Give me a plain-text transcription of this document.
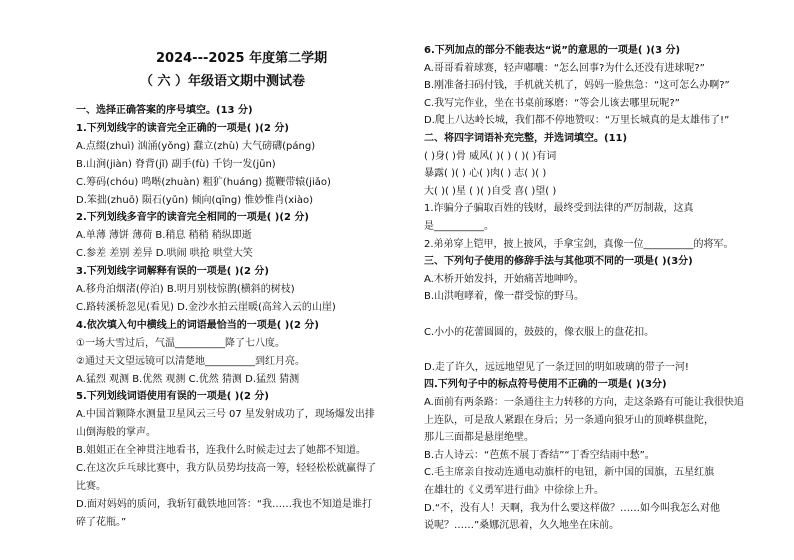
2024---2025 年度第二学期
（ 六 ）年级语文期中测试卷
一、选择正确答案的序号填空。(13 分)
1.下列划线字的读音完全正确的一项是( )(2 分)
A.点缀(zhuì) 汹涌(yǒng) 蠢立(zhù) 大气磅礴(páng)
B.山涧(jiàn) 脊背(jǐ) 副手(fù) 千钧一发(jūn)
C.筹码(chóu) 鸣啭(zhuàn) 粗犷(huáng) 揽鞭带辕(jiǎo)
D.笨拙(zhuō) 陨石(yǔn) 倾向(qīng) 惟妙惟肖(xiào)
2.下列划线多音字的读音完全相同的一项是( )(2 分)
A.单薄 薄饼 薄荷 B.稍息 稍稍 稍纵即逝
C.参差 差别 差异 D.哄闹 哄抢 哄堂大笑
3.下列划线字词解释有误的一项是( )(2 分)
A.移舟泊烟渚(停泊) B.明月别枝惊鹊(横斜的树枝)
C.路转溪桥忽见(看见) D.金沙水拍云崖暖(高耸入云的山崖)
4.依次填入句中横线上的词语最恰当的一项是( )(2 分)
①一场大雪过后，气温__________降了七八度。
②通过天文望远镜可以清楚地__________到红月亮。
A.猛烈 观测 B.优然 观测 C.优然 猜测 D.猛烈 猜测
5.下列划线词语使用有误的一项是( )(2 分)
A.中国首颗降水测量卫星风云三号 07 星发射成功了，现场爆发出排
山倒海般的掌声。
B.姐姐正在全神贯注地看书，连我什么时候走过去了她都不知道。
C.在这次乒乓球比赛中，我方队员势均技高一筹，轻轻松松就赢得了
比赛。
D.面对妈妈的质问，我斩钉截铁地回答：“我……我也不知道是谁打
碎了花瓶。”
6.下列加点的部分不能表达“说”的意思的一项是( )(3 分)
A.哥哥看着球赛，轻声嘟囔：“怎么回事?为什么还没有进球呢?”
B.刚准备扫码付钱，手机就关机了，妈妈一脸焦急：“这可怎么办啊?”
C.我写完作业，坐在书桌前琢磨：“等会儿该去哪里玩呢?”
D.爬上八达岭长城，我们都不停地赞叹：“万里长城真的是太雄伟了!”
二、将四字词语补充完整，并选词填空。(11)
( )身( )骨 威风( )( ) ( )( )有词
暴露( )( ) 心( )肉( ) 志( )( )
大( )( )星 ( )( )自受 喜( )望( )
1.诈骗分子骗取百姓的钱财，最终受到法律的严厉制裁，这真
是__________。
2.弟弟穿上铠甲，披上披风，手拿宝剑，真像一位__________的将军。
三、下列句子使用的修辞手法与其他项不同的一项是( )(3分)
A.木桥开始发抖，开始痛苦地呻吟。
B.山洪咆哮着，像一群受惊的野马。
C.小小的花蕾圆圆的，鼓鼓的，像衣服上的盘花扣。
D.走了许久，远远地望见了一条迂回的明如玻璃的带子一河!
四.下列句子中的标点符号使用不正确的一项是( )(3分)
A.面前有两条路：一条通往主力转移的方向，走这条路有可能让我很快追
上连队，可是敌人紧跟在身后；另一条通向狼牙山的顶峰棋盘陀，
那儿三面都是悬崖绝壁。
B.古人诗云：“芭蕉不展丁香结”“丁香空结雨中愁”。
C.毛主席亲自按动连通电动旗杆的电钮，新中国的国旗，五星红旗
在雄壮的《义勇军进行曲》中徐徐上升。
D.“不，没有人！天啊，我为什么要这样做？……如今叫我怎么对他
说呢？……”桑娜沉思着，久久地坐在床前。
